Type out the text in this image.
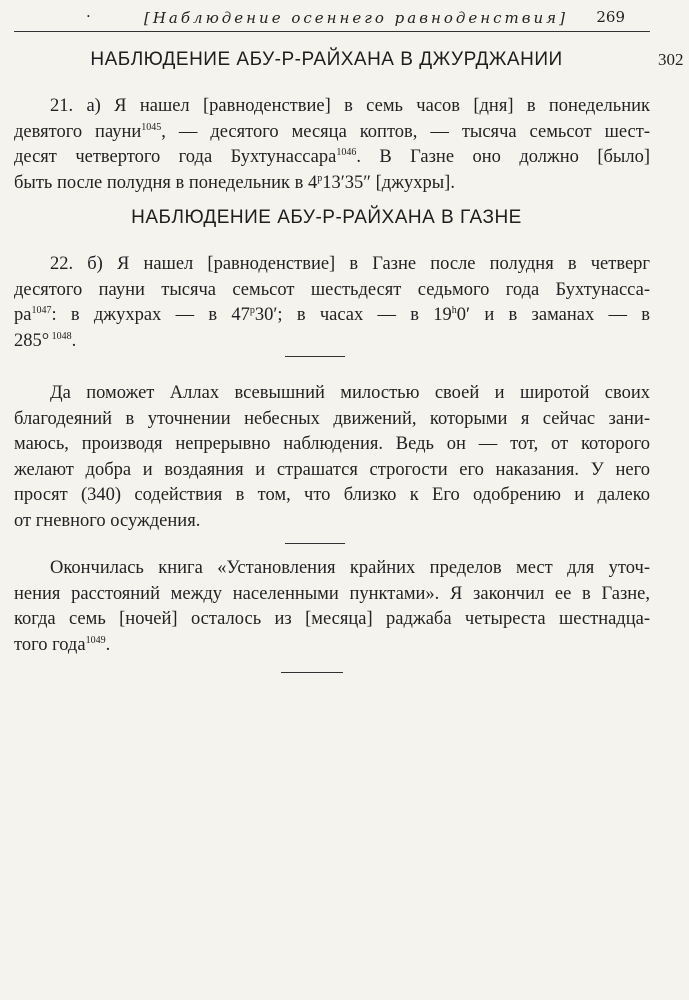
·	[Наблюдение осеннего равноденствия] 269
НАБЛЮДЕНИЕ АБУ-Р-РАЙХАНА В ДЖУРДЖАНИИ	302
21. а) Я нашел [равноденствие] в семь часов [дня] в понедельник
девятого пауни$^{1045}$, — десятого месяца коптов, — тысяча семьсот шест-
десят четвертого года Бухтунассара$^{1046}$. В Газне оно должно [было]
быть после полудня в понедельник в $4^р13'35''$ [джухры].
НАБЛЮДЕНИЕ АБУ-Р-РАЙХАНА В ГАЗНЕ
22. б) Я нашел [равноденствие] в Газне после полудня в четверг
десятого пауни тысяча семьсот шестьдесят седьмого года Бухтунасса-
$ра^{1047}$: в джухрах — в $47^р30'$; в часах — в 19$^h$0′ и в заманах — в
285° $^{1048}$.
Да поможет Аллах всевышний милостью своей и широтой своих
благодеяний в уточнении небесных движений, которыми я сейчас зани-
маюсь, производя непрерывно наблюдения. Ведь он — тот, от которого
желают добра и воздаяния и страшатся строгости его наказания. У него
просят (340) содействия в том, что близко к Его одобрению и далеко
от гневного осуждения.
Окончилась книга «Установления крайних пределов мест для уточ-
нения расстояний между населенными пунктами». Я закончил ее в Газне,
когда семь [ночей] осталось из [месяца] раджаба четыреста шестнадца-
того года$^{1049}$.
